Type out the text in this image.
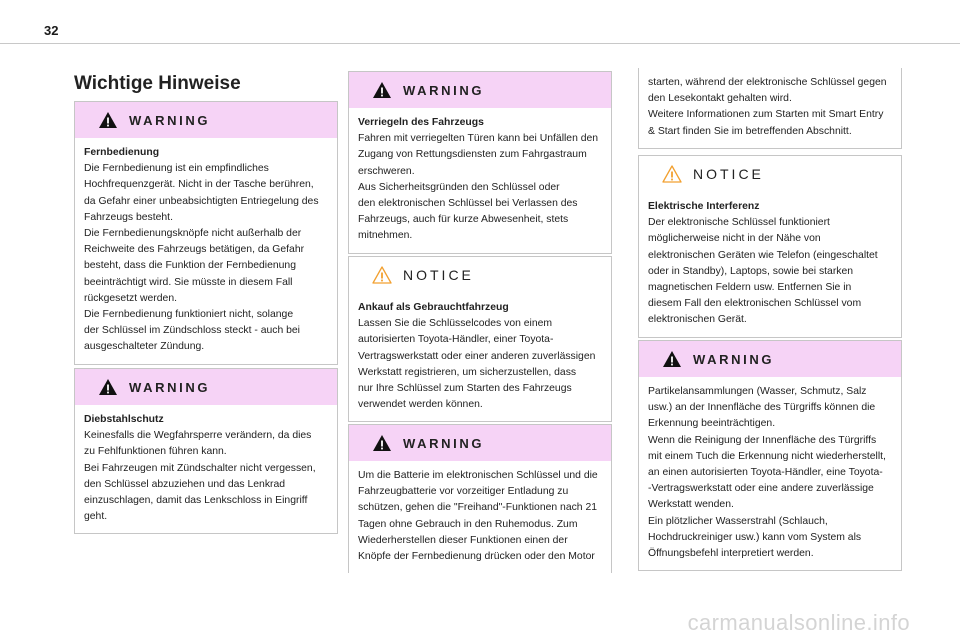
32
Wichtige Hinweise
WARNING
Fernbedienung
Die Fernbedienung ist ein empfindliches
Hochfrequenzgerät. Nicht in der Tasche berühren,
da Gefahr einer unbeabsichtigten Entriegelung des
Fahrzeugs besteht.
Die Fernbedienungsknöpfe nicht außerhalb der
Reichweite des Fahrzeugs betätigen, da Gefahr
besteht, dass die Funktion der Fernbedienung
beeinträchtigt wird. Sie müsste in diesem Fall
rückgesetzt werden.
Die Fernbedienung funktioniert nicht, solange
der Schlüssel im Zündschloss steckt - auch bei
ausgeschalteter Zündung.
WARNING
Diebstahlschutz
Keinesfalls die Wegfahrsperre verändern, da dies
zu Fehlfunktionen führen kann.
Bei Fahrzeugen mit Zündschalter nicht vergessen,
den Schlüssel abzuziehen und das Lenkrad
einzuschlagen, damit das Lenkschloss in Eingriff
geht.
WARNING
Verriegeln des Fahrzeugs
Fahren mit verriegelten Türen kann bei Unfällen den
Zugang von Rettungsdiensten zum Fahrgastraum
erschweren.
Aus Sicherheitsgründen den Schlüssel oder
den elektronischen Schlüssel bei Verlassen des
Fahrzeugs, auch für kurze Abwesenheit, stets
mitnehmen.
NOTICE
Ankauf als Gebrauchtfahrzeug
Lassen Sie die Schlüsselcodes von einem
autorisierten Toyota-Händler, einer Toyota-
Vertragswerkstatt oder einer anderen zuverlässigen
Werkstatt registrieren, um sicherzustellen, dass
nur Ihre Schlüssel zum Starten des Fahrzeugs
verwendet werden können.
WARNING
Um die Batterie im elektronischen Schlüssel und die
Fahrzeugbatterie vor vorzeitiger Entladung zu
schützen, gehen die "Freihand"-Funktionen nach 21
Tagen ohne Gebrauch in den Ruhemodus. Zum
Wiederherstellen dieser Funktionen einen der
Knöpfe der Fernbedienung drücken oder den Motor
starten, während der elektronische Schlüssel gegen
den Lesekontakt gehalten wird.
Weitere Informationen zum Starten mit Smart Entry
& Start finden Sie im betreffenden Abschnitt.
NOTICE
Elektrische Interferenz
Der elektronische Schlüssel funktioniert
möglicherweise nicht in der Nähe von
elektronischen Geräten wie Telefon (eingeschaltet
oder in Standby), Laptops, sowie bei starken
magnetischen Feldern usw. Entfernen Sie in
diesem Fall den elektronischen Schlüssel vom
elektronischen Gerät.
WARNING
Partikelansammlungen (Wasser, Schmutz, Salz
usw.) an der Innenfläche des Türgriffs können die
Erkennung beeinträchtigen.
Wenn die Reinigung der Innenfläche des Türgriffs
mit einem Tuch die Erkennung nicht wiederherstellt,
an einen autorisierten Toyota-Händler, eine Toyota-
-Vertragswerkstatt oder eine andere zuverlässige
Werkstatt wenden.
Ein plötzlicher Wasserstrahl (Schlauch,
Hochdruckreiniger usw.) kann vom System als
Öffnungsbefehl interpretiert werden.
carmanualsonline.info
